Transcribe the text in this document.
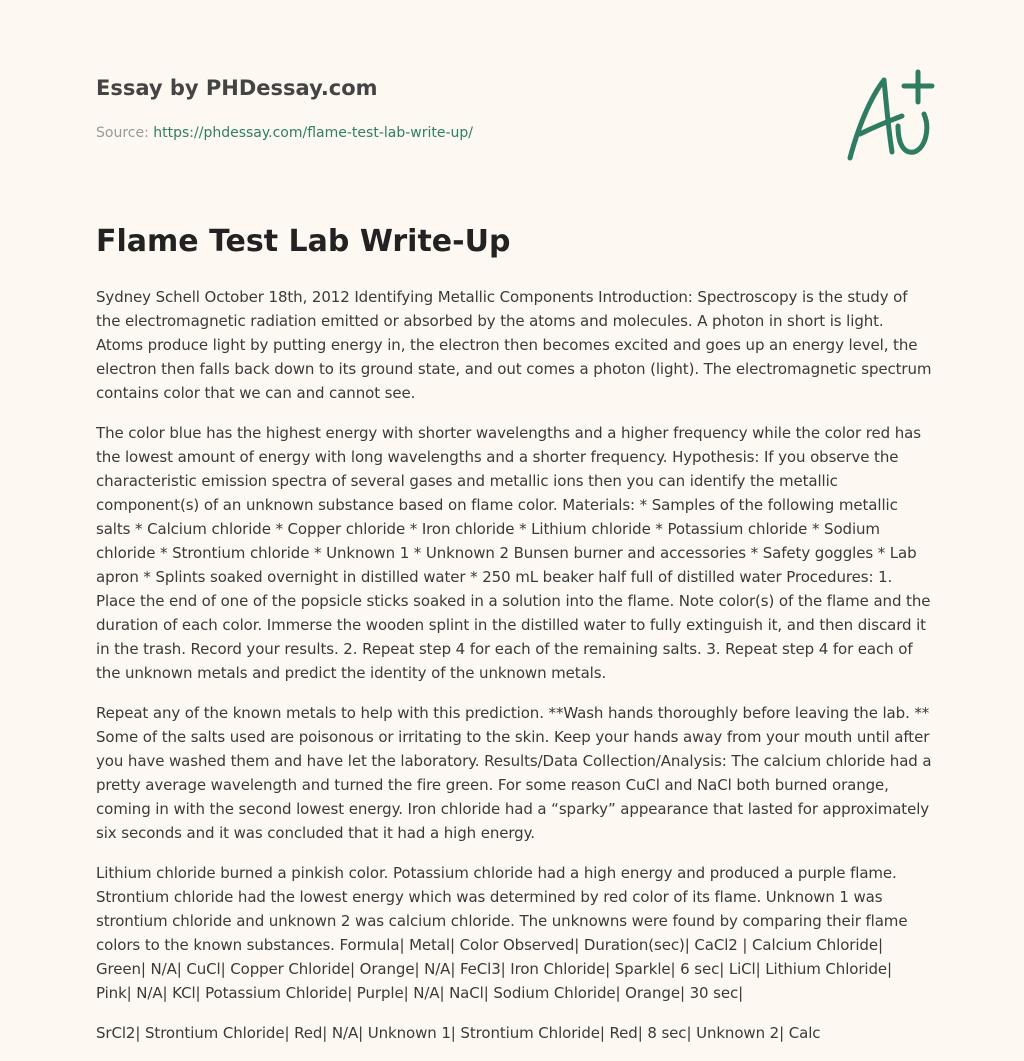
Essay by PHDessay.com

Source: https://phdessay.com/flame-test-lab-write-up/

Flame Test Lab Write-Up

Sydney Schell October 18th, 2012 Identifying Metallic Components Introduction: Spectroscopy is the study of the electromagnetic radiation emitted or absorbed by the atoms and molecules. A photon in short is light. Atoms produce light by putting energy in, the electron then becomes excited and goes up an energy level, the electron then falls back down to its ground state, and out comes a photon (light). The electromagnetic spectrum contains color that we can and cannot see.

The color blue has the highest energy with shorter wavelengths and a higher frequency while the color red has the lowest amount of energy with long wavelengths and a shorter frequency. Hypothesis: If you observe the characteristic emission spectra of several gases and metallic ions then you can identify the metallic component(s) of an unknown substance based on flame color. Materials: * Samples of the following metallic salts * Calcium chloride * Copper chloride * Iron chloride * Lithium chloride * Potassium chloride * Sodium chloride * Strontium chloride * Unknown 1 * Unknown 2 Bunsen burner and accessories * Safety goggles * Lab apron * Splints soaked overnight in distilled water * 250 mL beaker half full of distilled water Procedures: 1. Place the end of one of the popsicle sticks soaked in a solution into the flame. Note color(s) of the flame and the duration of each color. Immerse the wooden splint in the distilled water to fully extinguish it, and then discard it in the trash. Record your results. 2. Repeat step 4 for each of the remaining salts. 3. Repeat step 4 for each of the unknown metals and predict the identity of the unknown metals.

Repeat any of the known metals to help with this prediction. **Wash hands thoroughly before leaving the lab. ** Some of the salts used are poisonous or irritating to the skin. Keep your hands away from your mouth until after you have washed them and have let the laboratory. Results/Data Collection/Analysis: The calcium chloride had a pretty average wavelength and turned the fire green. For some reason CuCl and NaCl both burned orange, coming in with the second lowest energy. Iron chloride had a “sparky” appearance that lasted for approximately six seconds and it was concluded that it had a high energy.

Lithium chloride burned a pinkish color. Potassium chloride had a high energy and produced a purple flame. Strontium chloride had the lowest energy which was determined by red color of its flame. Unknown 1 was strontium chloride and unknown 2 was calcium chloride. The unknowns were found by comparing their flame colors to the known substances. Formula| Metal| Color Observed| Duration(sec)| CaCl2 | Calcium Chloride| Green| N/A| CuCl| Copper Chloride| Orange| N/A| FeCl3| Iron Chloride| Sparkle| 6 sec| LiCl| Lithium Chloride| Pink| N/A| KCl| Potassium Chloride| Purple| N/A| NaCl| Sodium Chloride| Orange| 30 sec|

SrCl2| Strontium Chloride| Red| N/A| Unknown 1| Strontium Chloride| Red| 8 sec| Unknown 2| Calc
